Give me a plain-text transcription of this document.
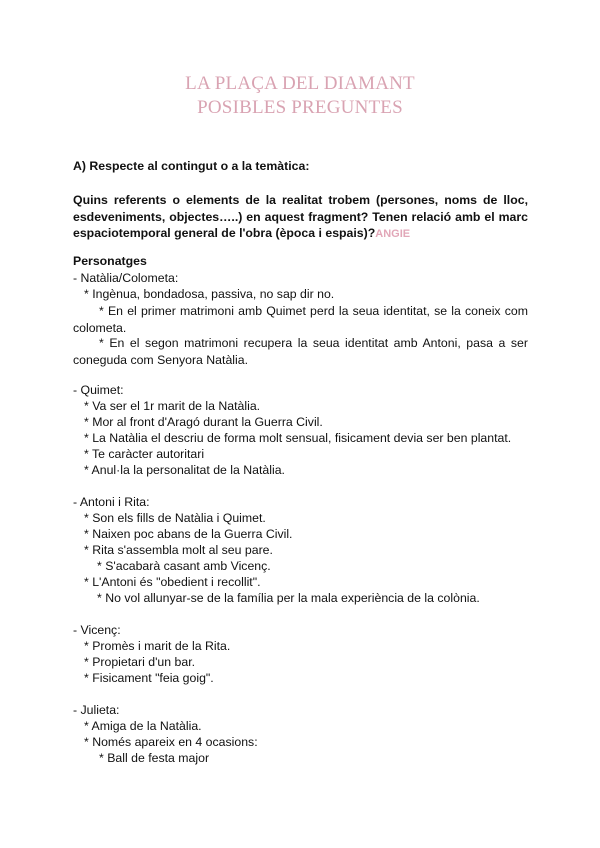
LA PLAÇA DEL DIAMANT
POSIBLES PREGUNTES
A) Respecte al contingut o a la temàtica:
Quins referents o elements de la realitat trobem (persones, noms de lloc, esdeveniments, objectes…..) en aquest fragment? Tenen relació amb el marc espaciotemporal general de l'obra (època i espais)?ANGIE
Personatges
- Natàlia/Colometa:
* Ingènua, bondadosa, passiva, no sap dir no.
* En el primer matrimoni amb Quimet perd la seua identitat, se la coneix com colometa.
* En el segon matrimoni recupera la seua identitat amb Antoni, pasa a ser coneguda com Senyora Natàlia.
- Quimet:
* Va ser el 1r marit de la Natàlia.
* Mor al front d'Aragó durant la Guerra Civil.
* La Natàlia el descriu de forma molt sensual, fisicament devia ser ben plantat.
* Te caràcter autoritari
* Anul·la la personalitat de la Natàlia.
- Antoni i Rita:
* Son els fills de Natàlia i Quimet.
* Naixen poc abans de la Guerra Civil.
* Rita s'assembla molt al seu pare.
* S'acabarà casant amb Vicenç.
* L'Antoni és "obedient i recollit".
* No vol allunyar-se de la família per la mala experiència de la colònia.
- Vicenç:
* Promès i marit de la Rita.
* Propietari d'un bar.
* Fisicament "feia goig".
- Julieta:
* Amiga de la Natàlia.
* Només apareix en 4 ocasions:
* Ball de festa major
